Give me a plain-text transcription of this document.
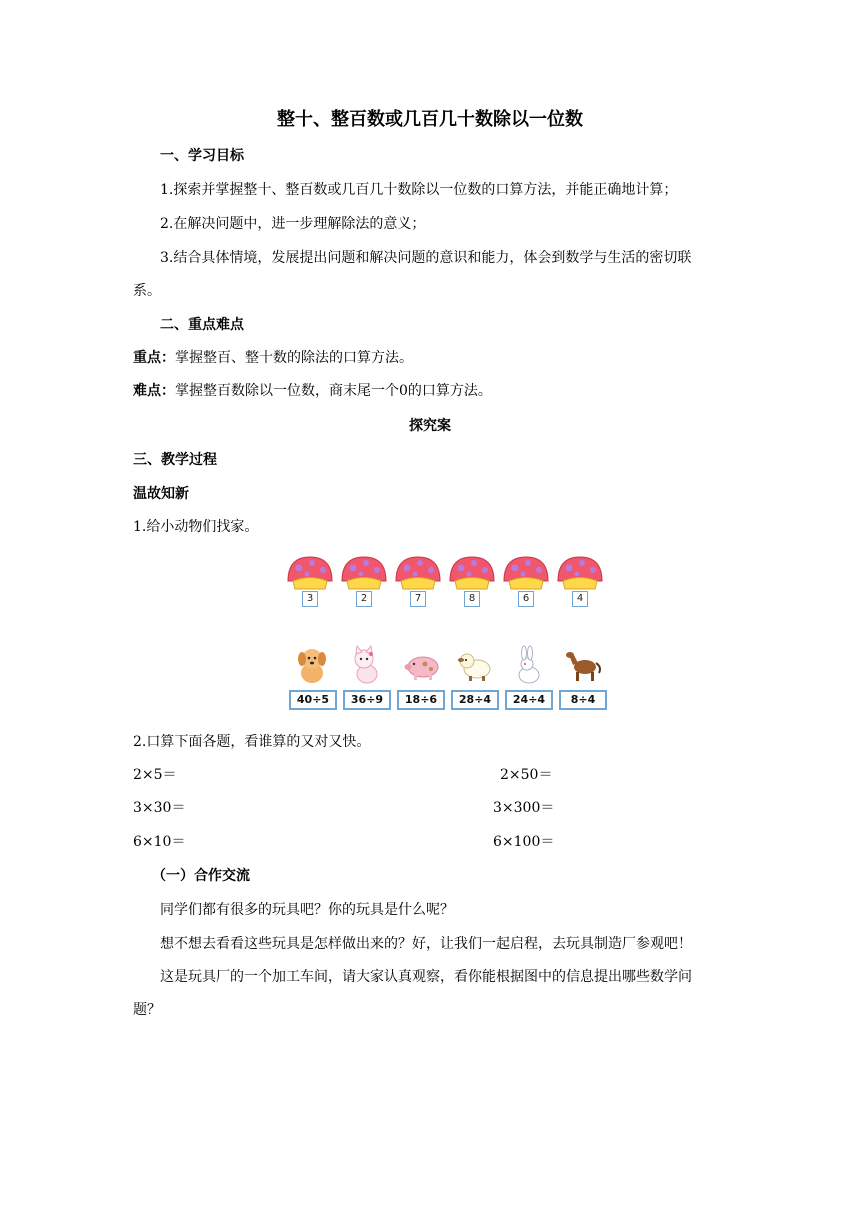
整十、整百数或几百几十数除以一位数
一、学习目标
1.探索并掌握整十、整百数或几百几十数除以一位数的口算方法，并能正确地计算；
2.在解决问题中，进一步理解除法的意义；
3.结合具体情境，发展提出问题和解决问题的意识和能力，体会到数学与生活的密切联
系。
二、重点难点
重点：掌握整百、整十数的除法的口算方法。
难点：掌握整百数除以一位数，商末尾一个0的口算方法。
探究案
三、教学过程
温故知新
1.给小动物们找家。
3	2	7	8	6	4
40÷5	36÷9	18÷6	28÷4	24÷4	8÷4
2.口算下面各题，看谁算的又对又快。
2×5＝	2×50＝
3×30＝	3×300＝
6×10＝	6×100＝
（一）合作交流
同学们都有很多的玩具吧？你的玩具是什么呢？
想不想去看看这些玩具是怎样做出来的？好，让我们一起启程，去玩具制造厂参观吧！
这是玩具厂的一个加工车间，请大家认真观察，看你能根据图中的信息提出哪些数学问
题？
